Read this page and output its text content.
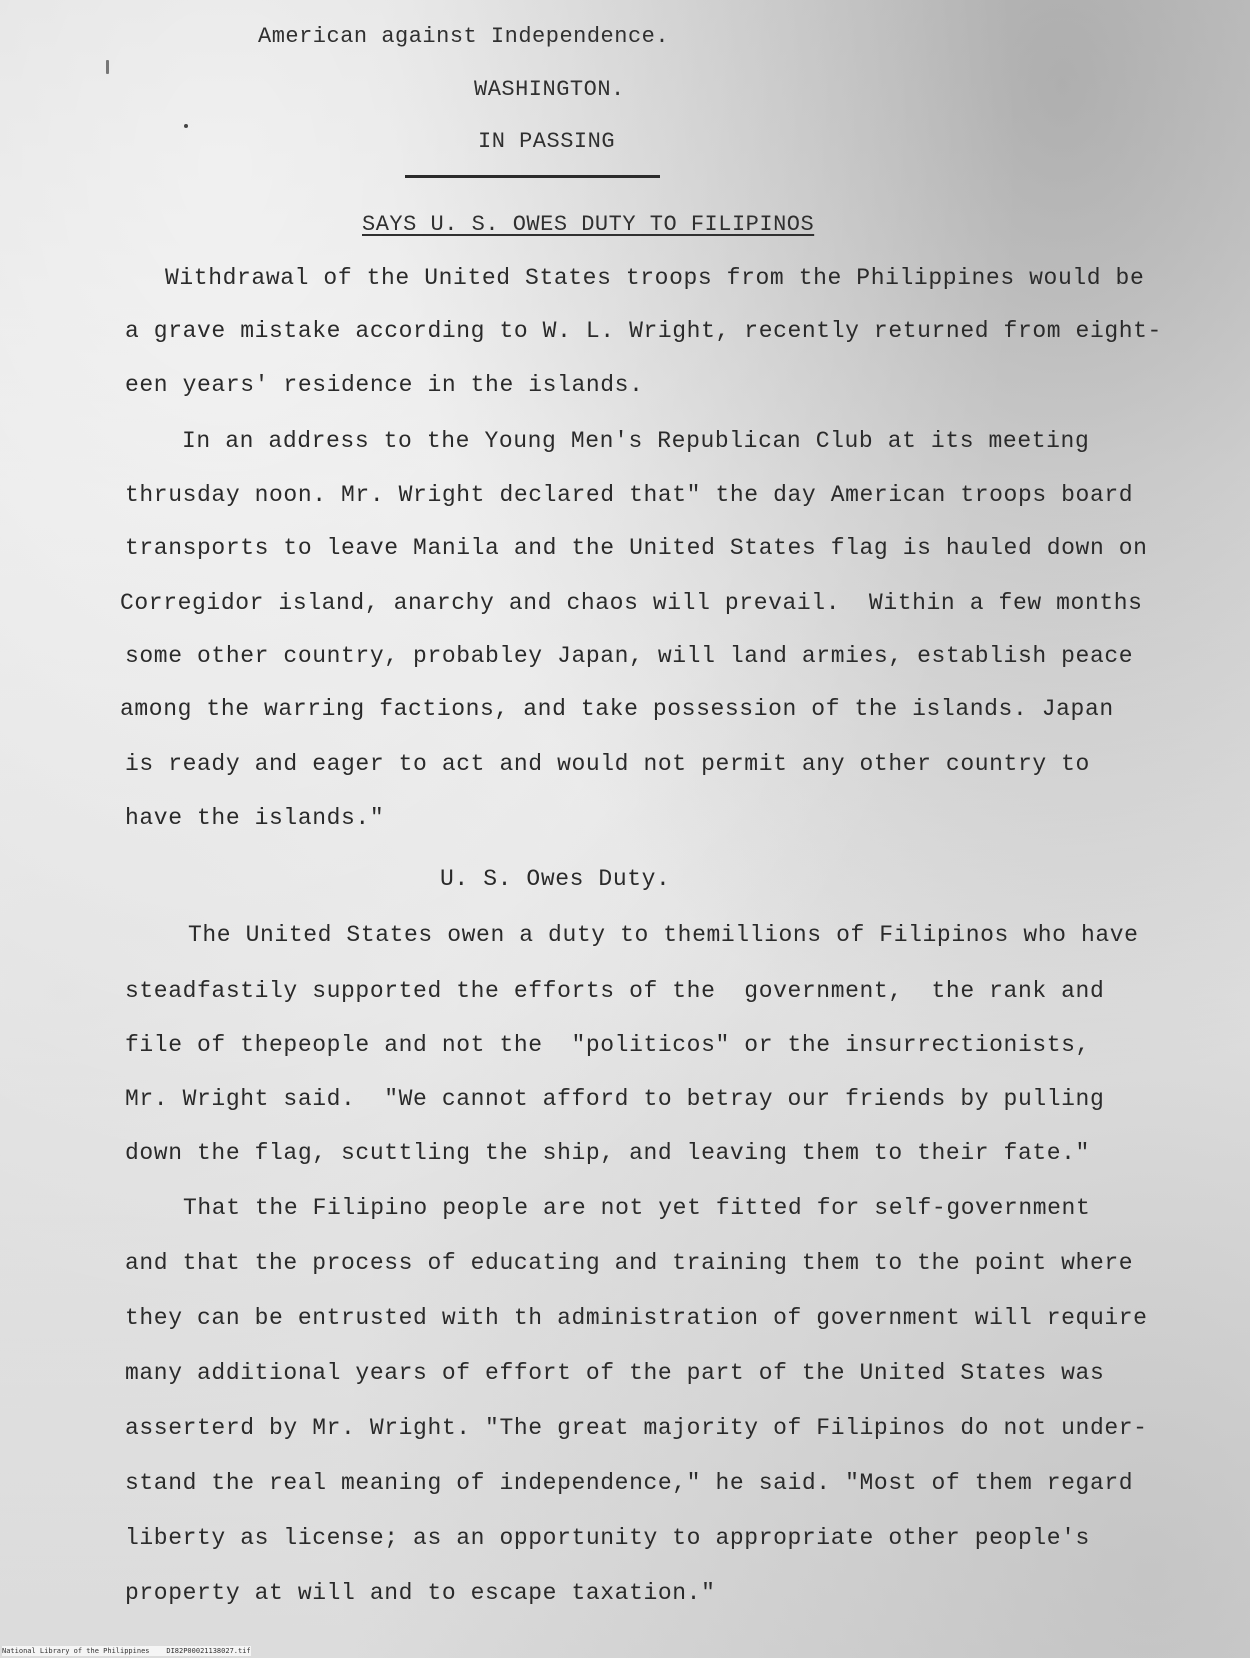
American against Independence.
WASHINGTON.
IN PASSING
SAYS U. S. OWES DUTY TO FILIPINOS
Withdrawal of the United States troops from the Philippines would be
a grave mistake according to W. L. Wright, recently returned from eight-
een years' residence in the islands.
In an address to the Young Men's Republican Club at its meeting
thrusday noon. Mr. Wright declared that" the day American troops board
transports to leave Manila and the United States flag is hauled down on
Corregidor island, anarchy and chaos will prevail.  Within a few months
some other country, probabley Japan, will land armies, establish peace
among the warring factions, and take possession of the islands. Japan
is ready and eager to act and would not permit any other country to
have the islands."
U. S. Owes Duty.
The United States owen a duty to themillions of Filipinos who have
steadfastily supported the efforts of the  government,  the rank and
file of thepeople and not the  "politicos" or the insurrectionists,
Mr. Wright said.  "We cannot afford to betray our friends by pulling
down the flag, scuttling the ship, and leaving them to their fate."
That the Filipino people are not yet fitted for self-government
and that the process of educating and training them to the point where
they can be entrusted with th administration of government will require
many additional years of effort of the part of the United States was
asserterd by Mr. Wright. "The great majority of Filipinos do not under-
stand the real meaning of independence," he said. "Most of them regard
liberty as license; as an opportunity to appropriate other people's
property at will and to escape taxation."
National Library of the Philippines    DI82P00021138027.tif
